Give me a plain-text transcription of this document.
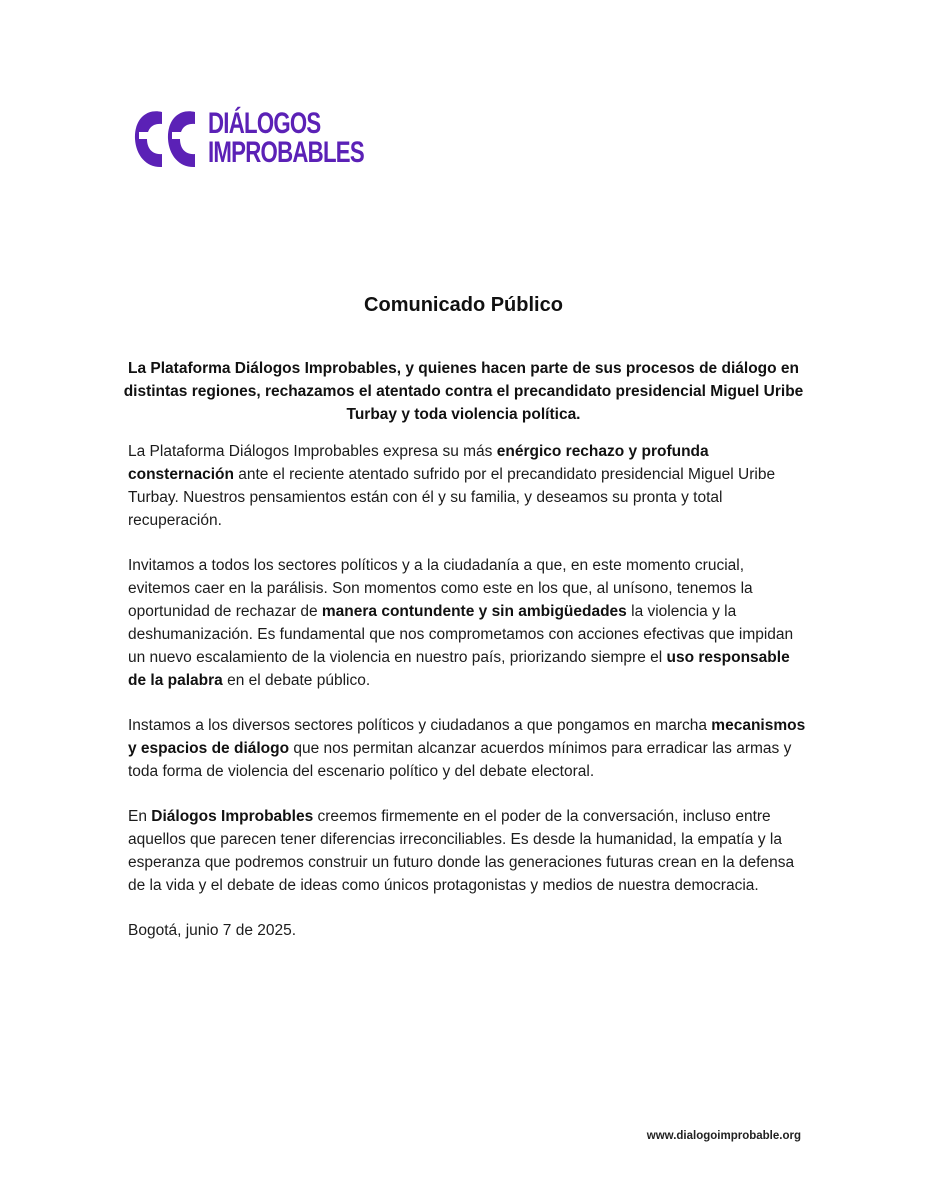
DIÁLOGOS
IMPROBABLES
Comunicado Público
La Plataforma Diálogos Improbables, y quienes hacen parte de sus procesos de diálogo en distintas regiones, rechazamos el atentado contra el precandidato presidencial Miguel Uribe Turbay y toda violencia política.

La Plataforma Diálogos Improbables expresa su más enérgico rechazo y profunda consternación ante el reciente atentado sufrido por el precandidato presidencial Miguel Uribe Turbay. Nuestros pensamientos están con él y su familia, y deseamos su pronta y total recuperación.

Invitamos a todos los sectores políticos y a la ciudadanía a que, en este momento crucial, evitemos caer en la parálisis. Son momentos como este en los que, al unísono, tenemos la oportunidad de rechazar de manera contundente y sin ambigüedades la violencia y la deshumanización. Es fundamental que nos comprometamos con acciones efectivas que impidan un nuevo escalamiento de la violencia en nuestro país, priorizando siempre el uso responsable de la palabra en el debate público.

Instamos a los diversos sectores políticos y ciudadanos a que pongamos en marcha mecanismos y espacios de diálogo que nos permitan alcanzar acuerdos mínimos para erradicar las armas y toda forma de violencia del escenario político y del debate electoral.

En Diálogos Improbables creemos firmemente en el poder de la conversación, incluso entre aquellos que parecen tener diferencias irreconciliables. Es desde la humanidad, la empatía y la esperanza que podremos construir un futuro donde las generaciones futuras crean en la defensa de la vida y el debate de ideas como únicos protagonistas y medios de nuestra democracia.

Bogotá, junio 7 de 2025.

www.dialogoimprobable.org
